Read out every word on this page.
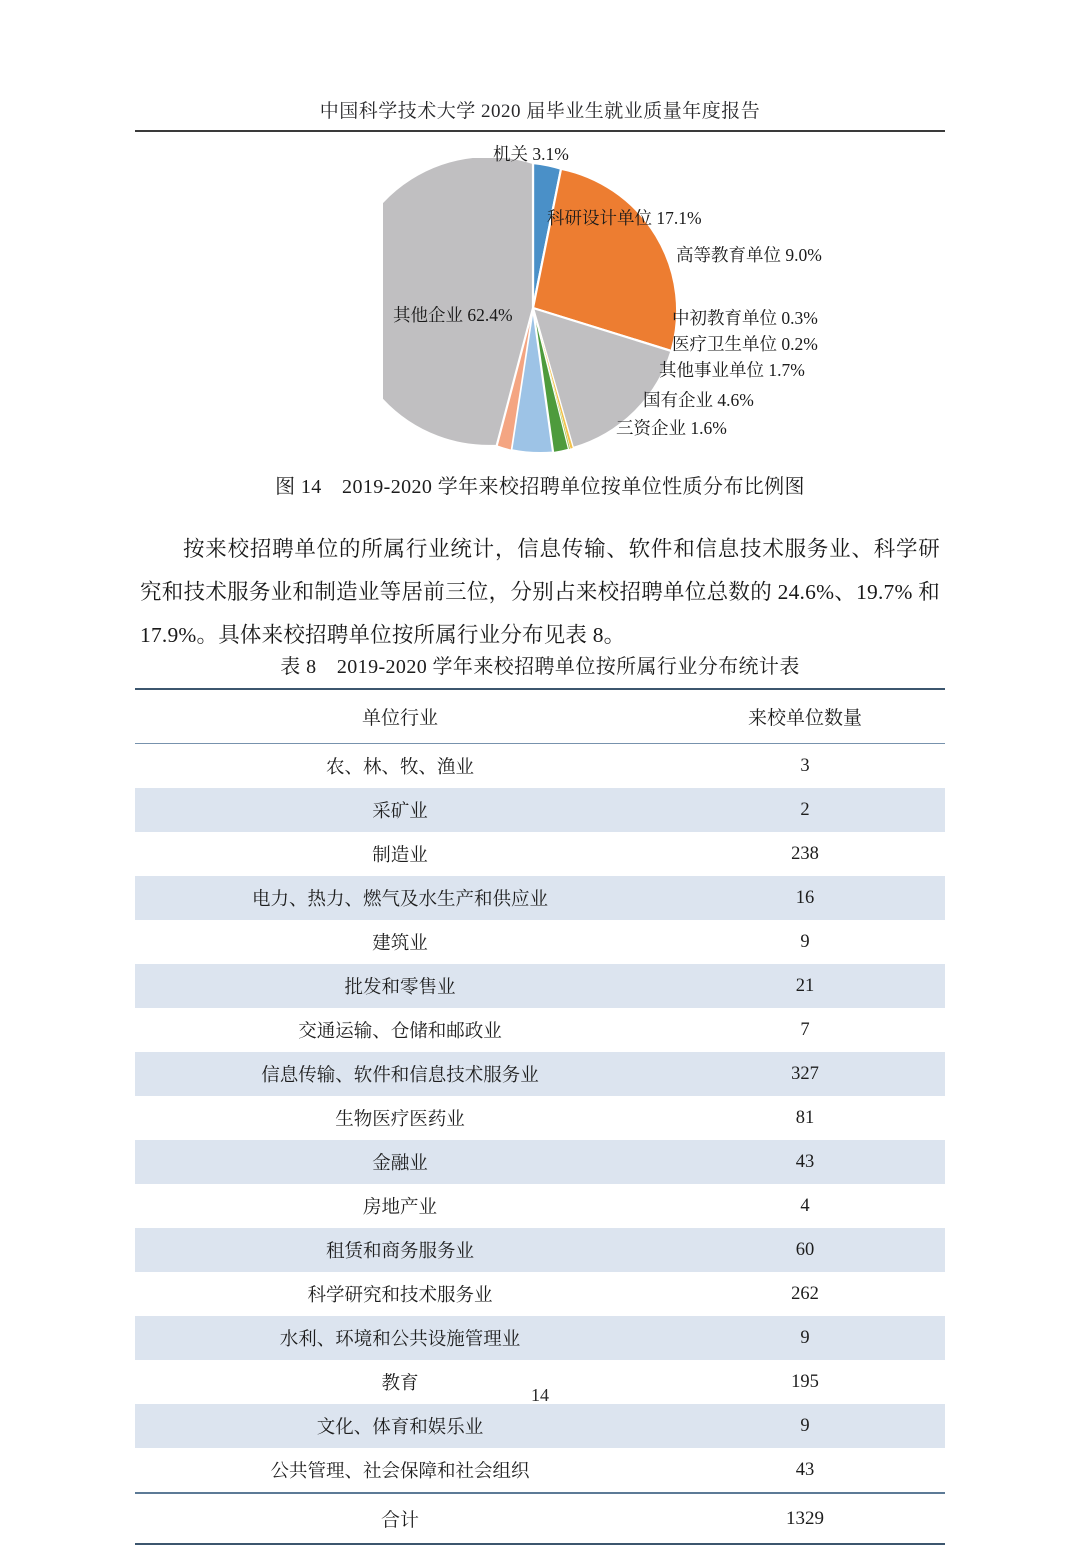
中国科学技术大学 2020 届毕业生就业质量年度报告
机关 3.1%
科研设计单位 17.1%
高等教育单位 9.0%
中初教育单位 0.3%
医疗卫生单位 0.2%
其他事业单位 1.7%
国有企业 4.6%
三资企业 1.6%
其他企业 62.4%
图 14　2019-2020 学年来校招聘单位按单位性质分布比例图
按来校招聘单位的所属行业统计，信息传输、软件和信息技术服务业、科学研究和技术服务业和制造业等居前三位，分别占来校招聘单位总数的 24.6%、19.7% 和 17.9%。具体来校招聘单位按所属行业分布见表 8。
表 8　2019-2020 学年来校招聘单位按所属行业分布统计表
单位行业	来校单位数量
农、林、牧、渔业	3
采矿业	2
制造业	238
电力、热力、燃气及水生产和供应业	16
建筑业	9
批发和零售业	21
交通运输、仓储和邮政业	7
信息传输、软件和信息技术服务业	327
生物医疗医药业	81
金融业	43
房地产业	4
租赁和商务服务业	60
科学研究和技术服务业	262
水利、环境和公共设施管理业	9
教育	195
文化、体育和娱乐业	9
公共管理、社会保障和社会组织	43
合计	1329
14
